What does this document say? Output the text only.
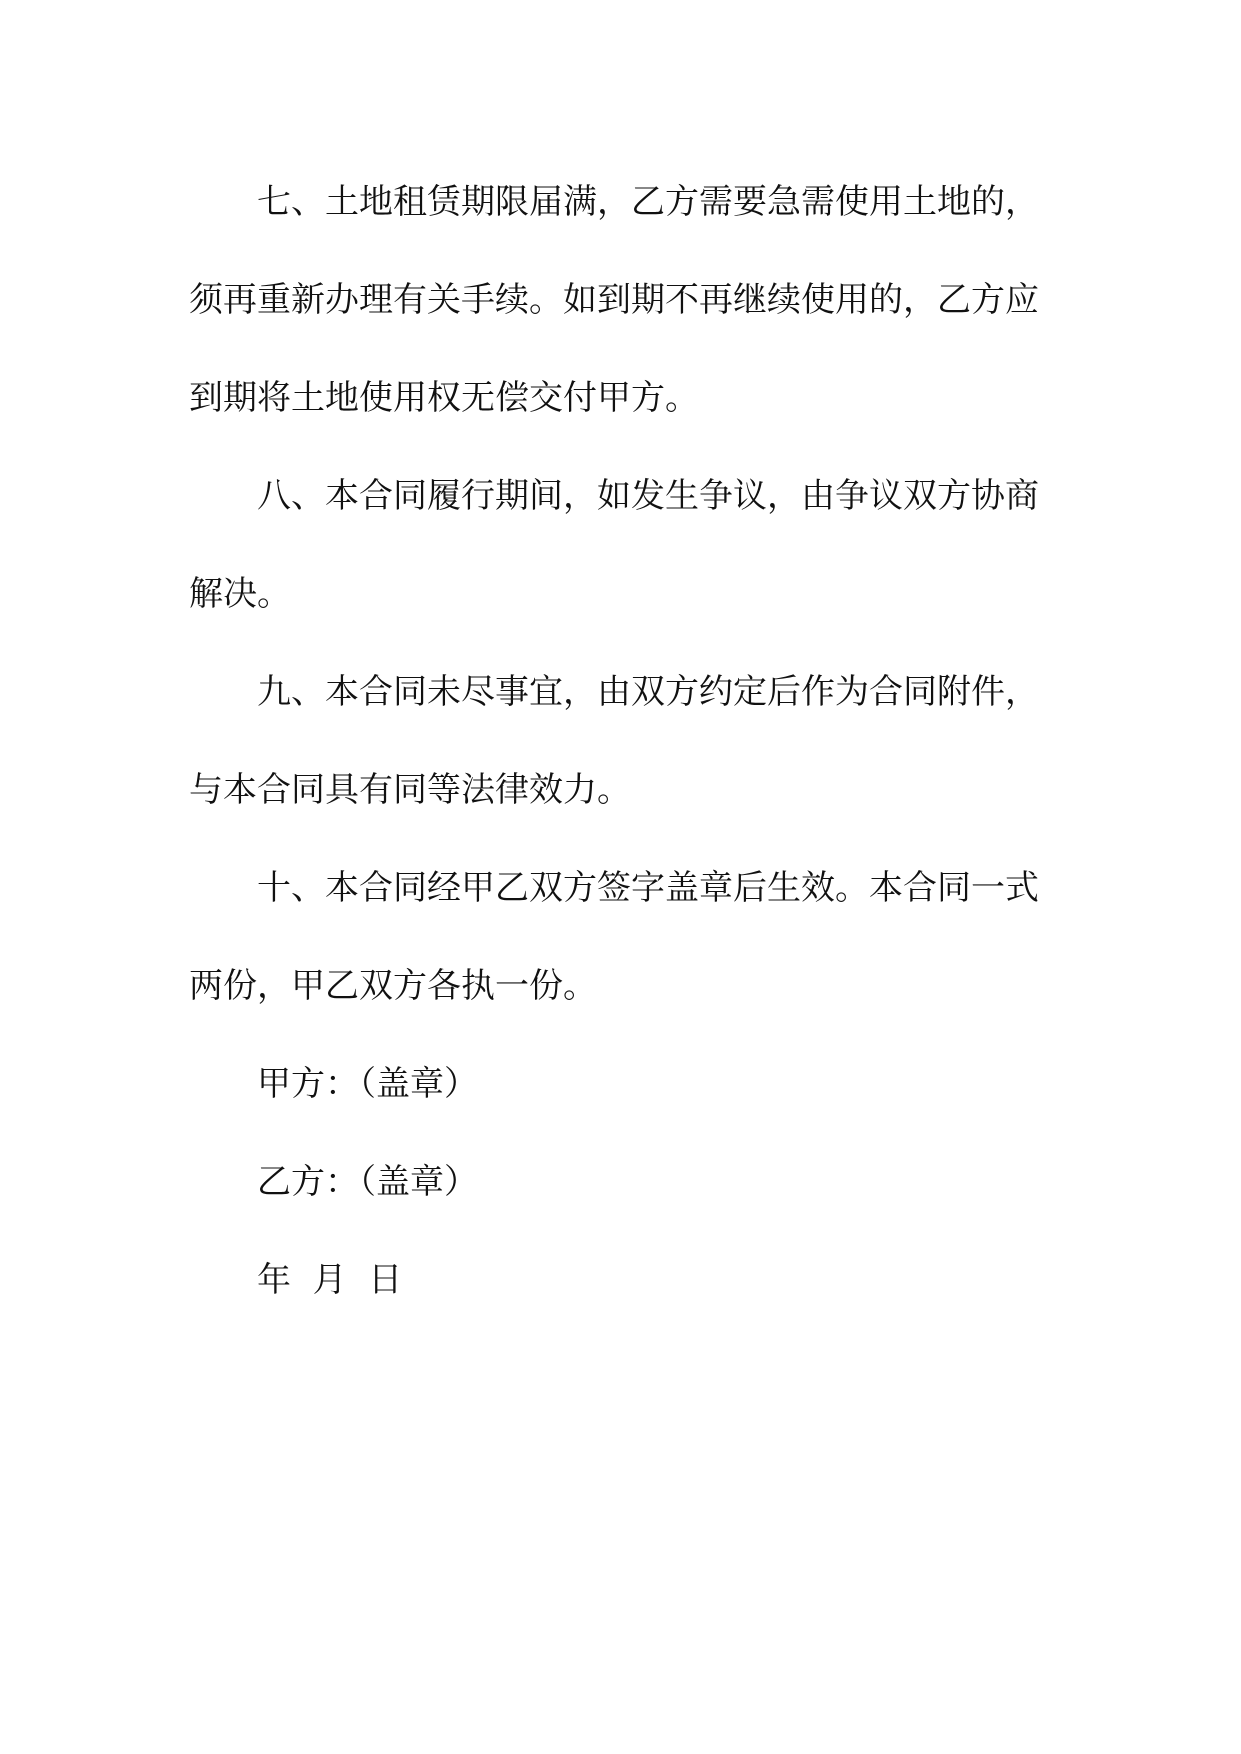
七、土地租赁期限届满，乙方需要急需使用土地的，
须再重新办理有关手续。如到期不再继续使用的，乙方应
到期将土地使用权无偿交付甲方。
八、本合同履行期间，如发生争议，由争议双方协商
解决。
九、本合同未尽事宜，由双方约定后作为合同附件，
与本合同具有同等法律效力。
十、本合同经甲乙双方签字盖章后生效。本合同一式
两份，甲乙双方各执一份。
甲方：（盖章）
乙方：（盖章）
年  月  日
